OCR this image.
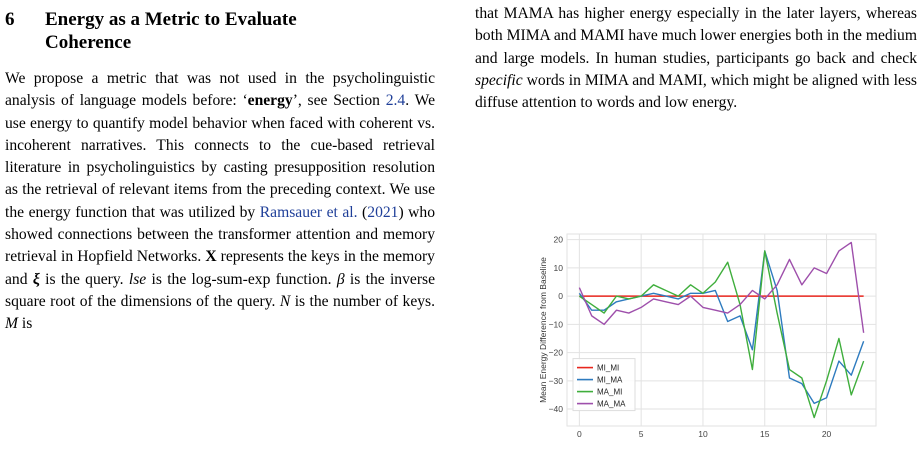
6	Energy as a Metric to Evaluate
Coherence

We propose a metric that was not used in the psycholinguistic analysis of language models before: ‘energy’, see Section 2.4. We use energy to quantify model behavior when faced with coherent vs. incoherent narratives. This connects to the cue-based retrieval literature in psycholinguistics by casting presupposition resolution as the retrieval of relevant items from the preceding context. We use the energy function that was utilized by Ramsauer et al. (2021) who showed connections between the transformer attention and memory retrieval in Hopfield Networks. X represents the keys in the memory and ξ is the query. lse is the log-sum-exp function. β is the inverse square root of the dimensions of the query. N is the number of keys. M is

that MAMA has higher energy especially in the later layers, whereas both MIMA and MAMI have much lower energies both in the medium and large models. In human studies, participants go back and check specific words in MIMA and MAMI, which might be aligned with less diffuse attention to words and low energy.

0	5	10	15	20
20
10
0
−10
−20
−30
−40
MI_MI
MI_MA
MA_MI
MA_MA
Mean Energy Difference from Baseline
